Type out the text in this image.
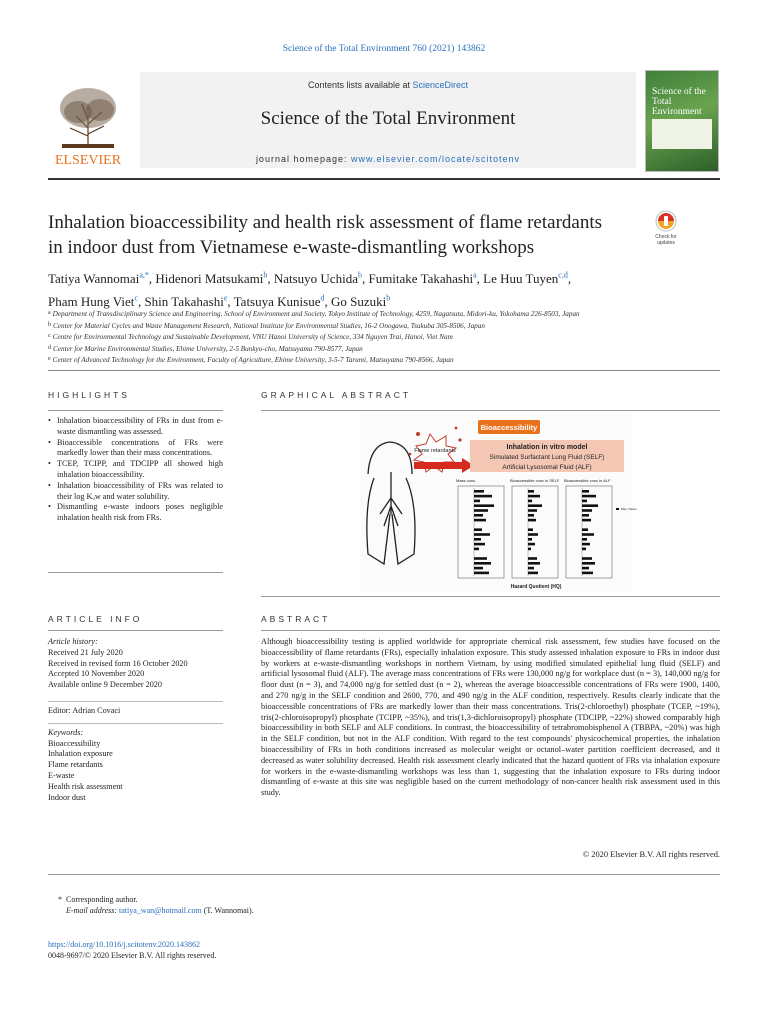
Science of the Total Environment 760 (2021) 143862
ELSEVIER
Contents lists available at ScienceDirect
Science of the Total Environment
journal homepage: www.elsevier.com/locate/scitotenv
Science of the
Total Environment
Inhalation bioaccessibility and health risk assessment of flame retardants
in indoor dust from Vietnamese e-waste-dismantling workshops	Check for
updates
Tatiya Wannomai$^{a,*}$, Hidenori Matsukami$^b$, Natsuyo Uchida$^b$, Fumitake Takahashi$^a$, Le Huu Tuyen$^{c,d}$,
Pham Hung Viet$^c$, Shin Takahashi$^e$, Tatsuya Kunisue$^d$, Go Suzuki$^b$
$^a$ Department of Transdisciplinary Science and Engineering, School of Environment and Society, Tokyo Institute of Technology, 4259, Nagatsuta, Midori-ku, Yokohama 226-8503, Japan
$^b$ Center for Material Cycles and Waste Management Research, National Institute for Environmental Studies, 16-2 Onogawa, Tsukuba 305-8506, Japan
$^c$ Centre for Environmental Technology and Sustainable Development, VNU Hanoi University of Science, 334 Nguyen Trai, Hanoi, Viet Nam
$^d$ Center for Marine Environmental Studies, Ehime University, 2-5 Bunkyo-cho, Matsuyama 790-8577, Japan
$^e$ Center of Advanced Technology for the Environment, Faculty of Agriculture, Ehime University, 3-5-7 Tarumi, Matsuyama 790-8566, Japan
HIGHLIGHTS	GRAPHICAL ABSTRACT
• Inhalation bioaccessibility of FRs in dust from e-waste dismantling was assessed.
• Bioaccessible concentrations of FRs were markedly lower than their mass concentrations.
• TCEP, TCIPP, and TDCIPP all showed high inhalation bioaccessibility.
• Inhalation bioaccessibility of FRs was related to their log Kₒw and water solubility.
• Dismantling e-waste indoors poses negligible inhalation health risk from FRs.
Flame retardants
Bioaccessibility
Inhalation in vitro model
Simulated Surfactant Lung Fluid (SELF)
Artificial Lysosomal Fluid (ALF)
Mass conc.	Bioaccessible conc in SELF Bioaccessible conc in ALF
Max / Mean
Hazard Quotient (HQ)
ARTICLE INFO	ABSTRACT
Article history:
Received 21 July 2020
Received in revised form 16 October 2020
Accepted 10 November 2020
Available online 9 December 2020
Editor: Adrian Covaci
Keywords:
Bioaccessibility
Inhalation exposure
Flame retardants
E-waste
Health risk assessment
Indoor dust
Although bioaccessibility testing is applied worldwide for appropriate chemical risk assessment, few studies have focused on the bioaccessibility of flame retardants (FRs), especially inhalation exposure. This study assessed inhalation exposure to FRs in indoor dust by workers at e-waste-dismantling workshops in northern Vietnam, by using modified simulated epithelial lung fluid (SELF) and artificial lysosomal fluid (ALF). The average mass concentrations of FRs were 130,000 ng/g for workplace dust (n = 3), 140,000 ng/g for floor dust (n = 3), and 74,000 ng/g for settled dust (n = 2), whereas the average bioaccessible concentrations of FRs were 1900, 1400, and 270 ng/g in the SELF condition and 2600, 770, and 490 ng/g in the ALF condition, respectively. Results clearly indicate that the bioaccessible concentrations of FRs are markedly lower than their mass concentrations. Tris(2-chloroethyl) phosphate (TCEP, ~19%), tris(2-chloroisopropyl) phosphate (TCIPP, ~35%), and tris(1,3-dichloroisopropyl) phosphate (TDCIPP, ~22%) showed comparably high bioaccessibility in both SELF and ALF conditions. In contrast, the bioaccessibility of tetrabromobisphenol A (TBBPA, ~20%) was high in the SELF condition, but not in the ALF condition. With regard to the test compounds' physicochemical properties, the inhalation bioaccessibility of FRs in both conditions increased as molecular weight or octanol–water partition coefficient decreased, and it decreased as water solubility decreased. Health risk assessment clearly indicated that the hazard quotient of FRs via inhalation exposure for workers in the e-waste-dismantling workshops was less than 1, suggesting that the inhalation exposure to FRs during indoor dismantling of e-waste at this site was negligible based on the current methodology of non-cancer health risk assessment used in this study.
© 2020 Elsevier B.V. All rights reserved.
* Corresponding author.
E-mail address: tatiya_wan@hotmail.com (T. Wannomai).
https://doi.org/10.1016/j.scitotenv.2020.143862
0048-9697/© 2020 Elsevier B.V. All rights reserved.
